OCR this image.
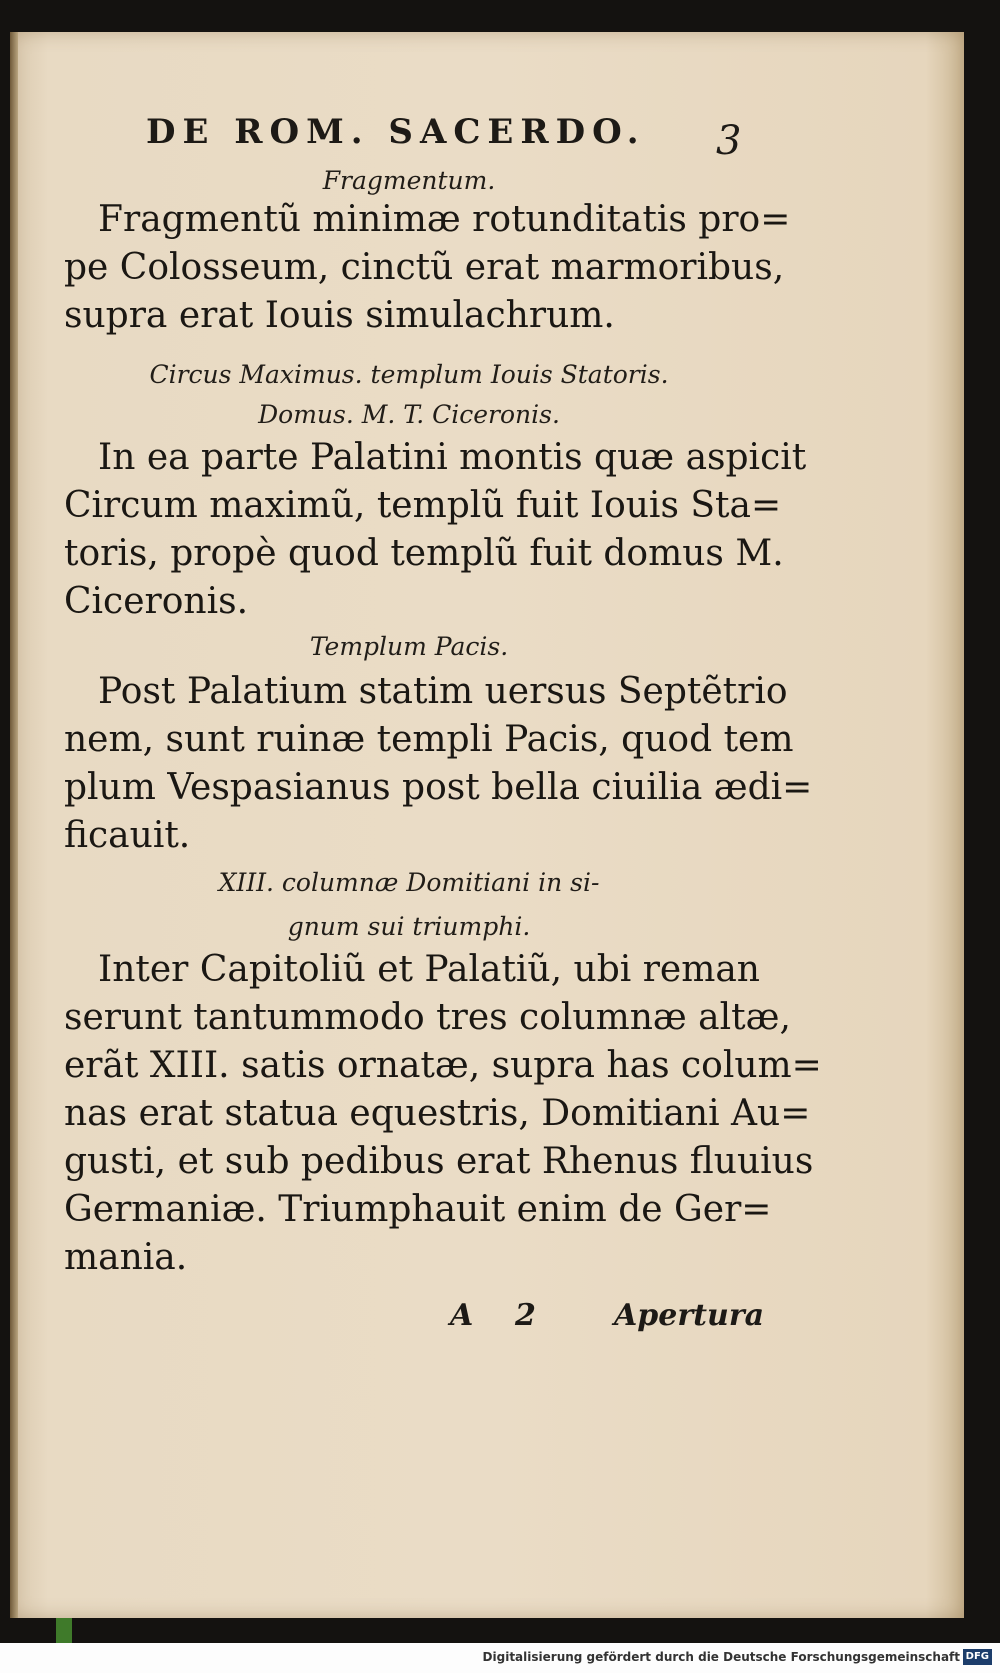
DE ROM. SACERDO.	3
Fragmentum.
Fragmentũ minimæ rotunditatis pro=
pe Colosseum, cinctũ erat marmoribus,
supra erat Iouis simulachrum.
Circus Maximus. templum Iouis Statoris.
Domus. M. T. Ciceronis.
In ea parte Palatini montis quæ aspicit
Circum maximũ, templũ fuit Iouis Sta=
toris, propè quod templũ fuit domus M.
Ciceronis.
Templum Pacis.
Post Palatium statim uersus Septẽtrio
nem, sunt ruinæ templi Pacis, quod tem
plum Vespasianus post bella ciuilia ædi=
ficauit.
XIII. columnæ Domitiani in si-
gnum sui triumphi.
Inter Capitoliũ et Palatiũ, ubi reman
serunt tantummodo tres columnæ altæ,
erãt XIII. satis ornatæ, supra has colum=
nas erat statua equestris, Domitiani Au=
gusti, et sub pedibus erat Rhenus fluuius
Germaniæ. Triumphauit enim de Ger=
mania.
A 2	Apertura
Digitalisierung gefördert durch die Deutsche Forschungsgemeinschaft DFG
